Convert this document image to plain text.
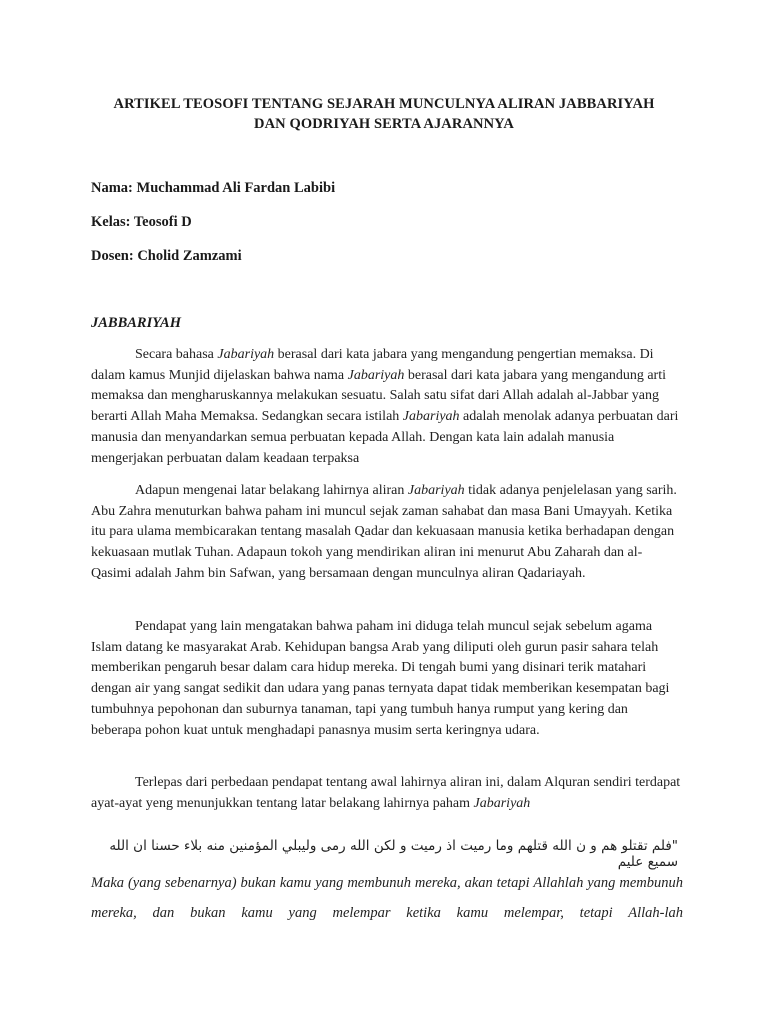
ARTIKEL TEOSOFI TENTANG SEJARAH MUNCULNYA ALIRAN JABBARIYAH
DAN QODRIYAH SERTA AJARANNYA
Nama: Muchammad Ali Fardan Labibi
Kelas: Teosofi D
Dosen: Cholid Zamzami
JABBARIYAH

Secara bahasa Jabariyah berasal dari kata jabara yang mengandung pengertian memaksa. Di dalam kamus Munjid dijelaskan bahwa nama Jabariyah berasal dari kata jabara yang mengandung arti memaksa dan mengharuskannya melakukan sesuatu. Salah satu sifat dari Allah adalah al-Jabbar yang berarti Allah Maha Memaksa. Sedangkan secara istilah Jabariyah adalah menolak adanya perbuatan dari manusia dan menyandarkan semua perbuatan kepada Allah. Dengan kata lain adalah manusia mengerjakan perbuatan dalam keadaan terpaksa

Adapun mengenai latar belakang lahirnya aliran Jabariyah tidak adanya penjelelasan yang sarih. Abu Zahra menuturkan bahwa paham ini muncul sejak zaman sahabat dan masa Bani Umayyah. Ketika itu para ulama membicarakan tentang masalah Qadar dan kekuasaan manusia ketika berhadapan dengan kekuasaan mutlak Tuhan. Adapaun tokoh yang mendirikan aliran ini menurut Abu Zaharah dan al-Qasimi adalah Jahm bin Safwan, yang bersamaan dengan munculnya aliran Qadariayah.

Pendapat yang lain mengatakan bahwa paham ini diduga telah muncul sejak sebelum agama Islam datang ke masyarakat Arab. Kehidupan bangsa Arab yang diliputi oleh gurun pasir sahara telah memberikan pengaruh besar dalam cara hidup mereka. Di tengah bumi yang disinari terik matahari dengan air yang sangat sedikit dan udara yang panas ternyata dapat tidak memberikan kesempatan bagi tumbuhnya pepohonan dan suburnya tanaman, tapi yang tumbuh hanya rumput yang kering dan beberapa pohon kuat untuk menghadapi panasnya musim serta keringnya udara.

Terlepas dari perbedaan pendapat tentang awal lahirnya aliran ini, dalam Alquran sendiri terdapat ayat-ayat yeng menunjukkan tentang latar belakang lahirnya paham Jabariyah

"فلم تقتلو هم و ن الله قتلهم وما رميت اذ رميت و لكن الله رمى وليبلي المؤمنين منه بلاء حسنا ان الله سميع عليم
Maka (yang sebenarnya) bukan kamu yang membunuh mereka, akan tetapi Allahlah yang membunuh mereka, dan bukan kamu yang melempar ketika kamu melempar, tetapi Allah-lah
